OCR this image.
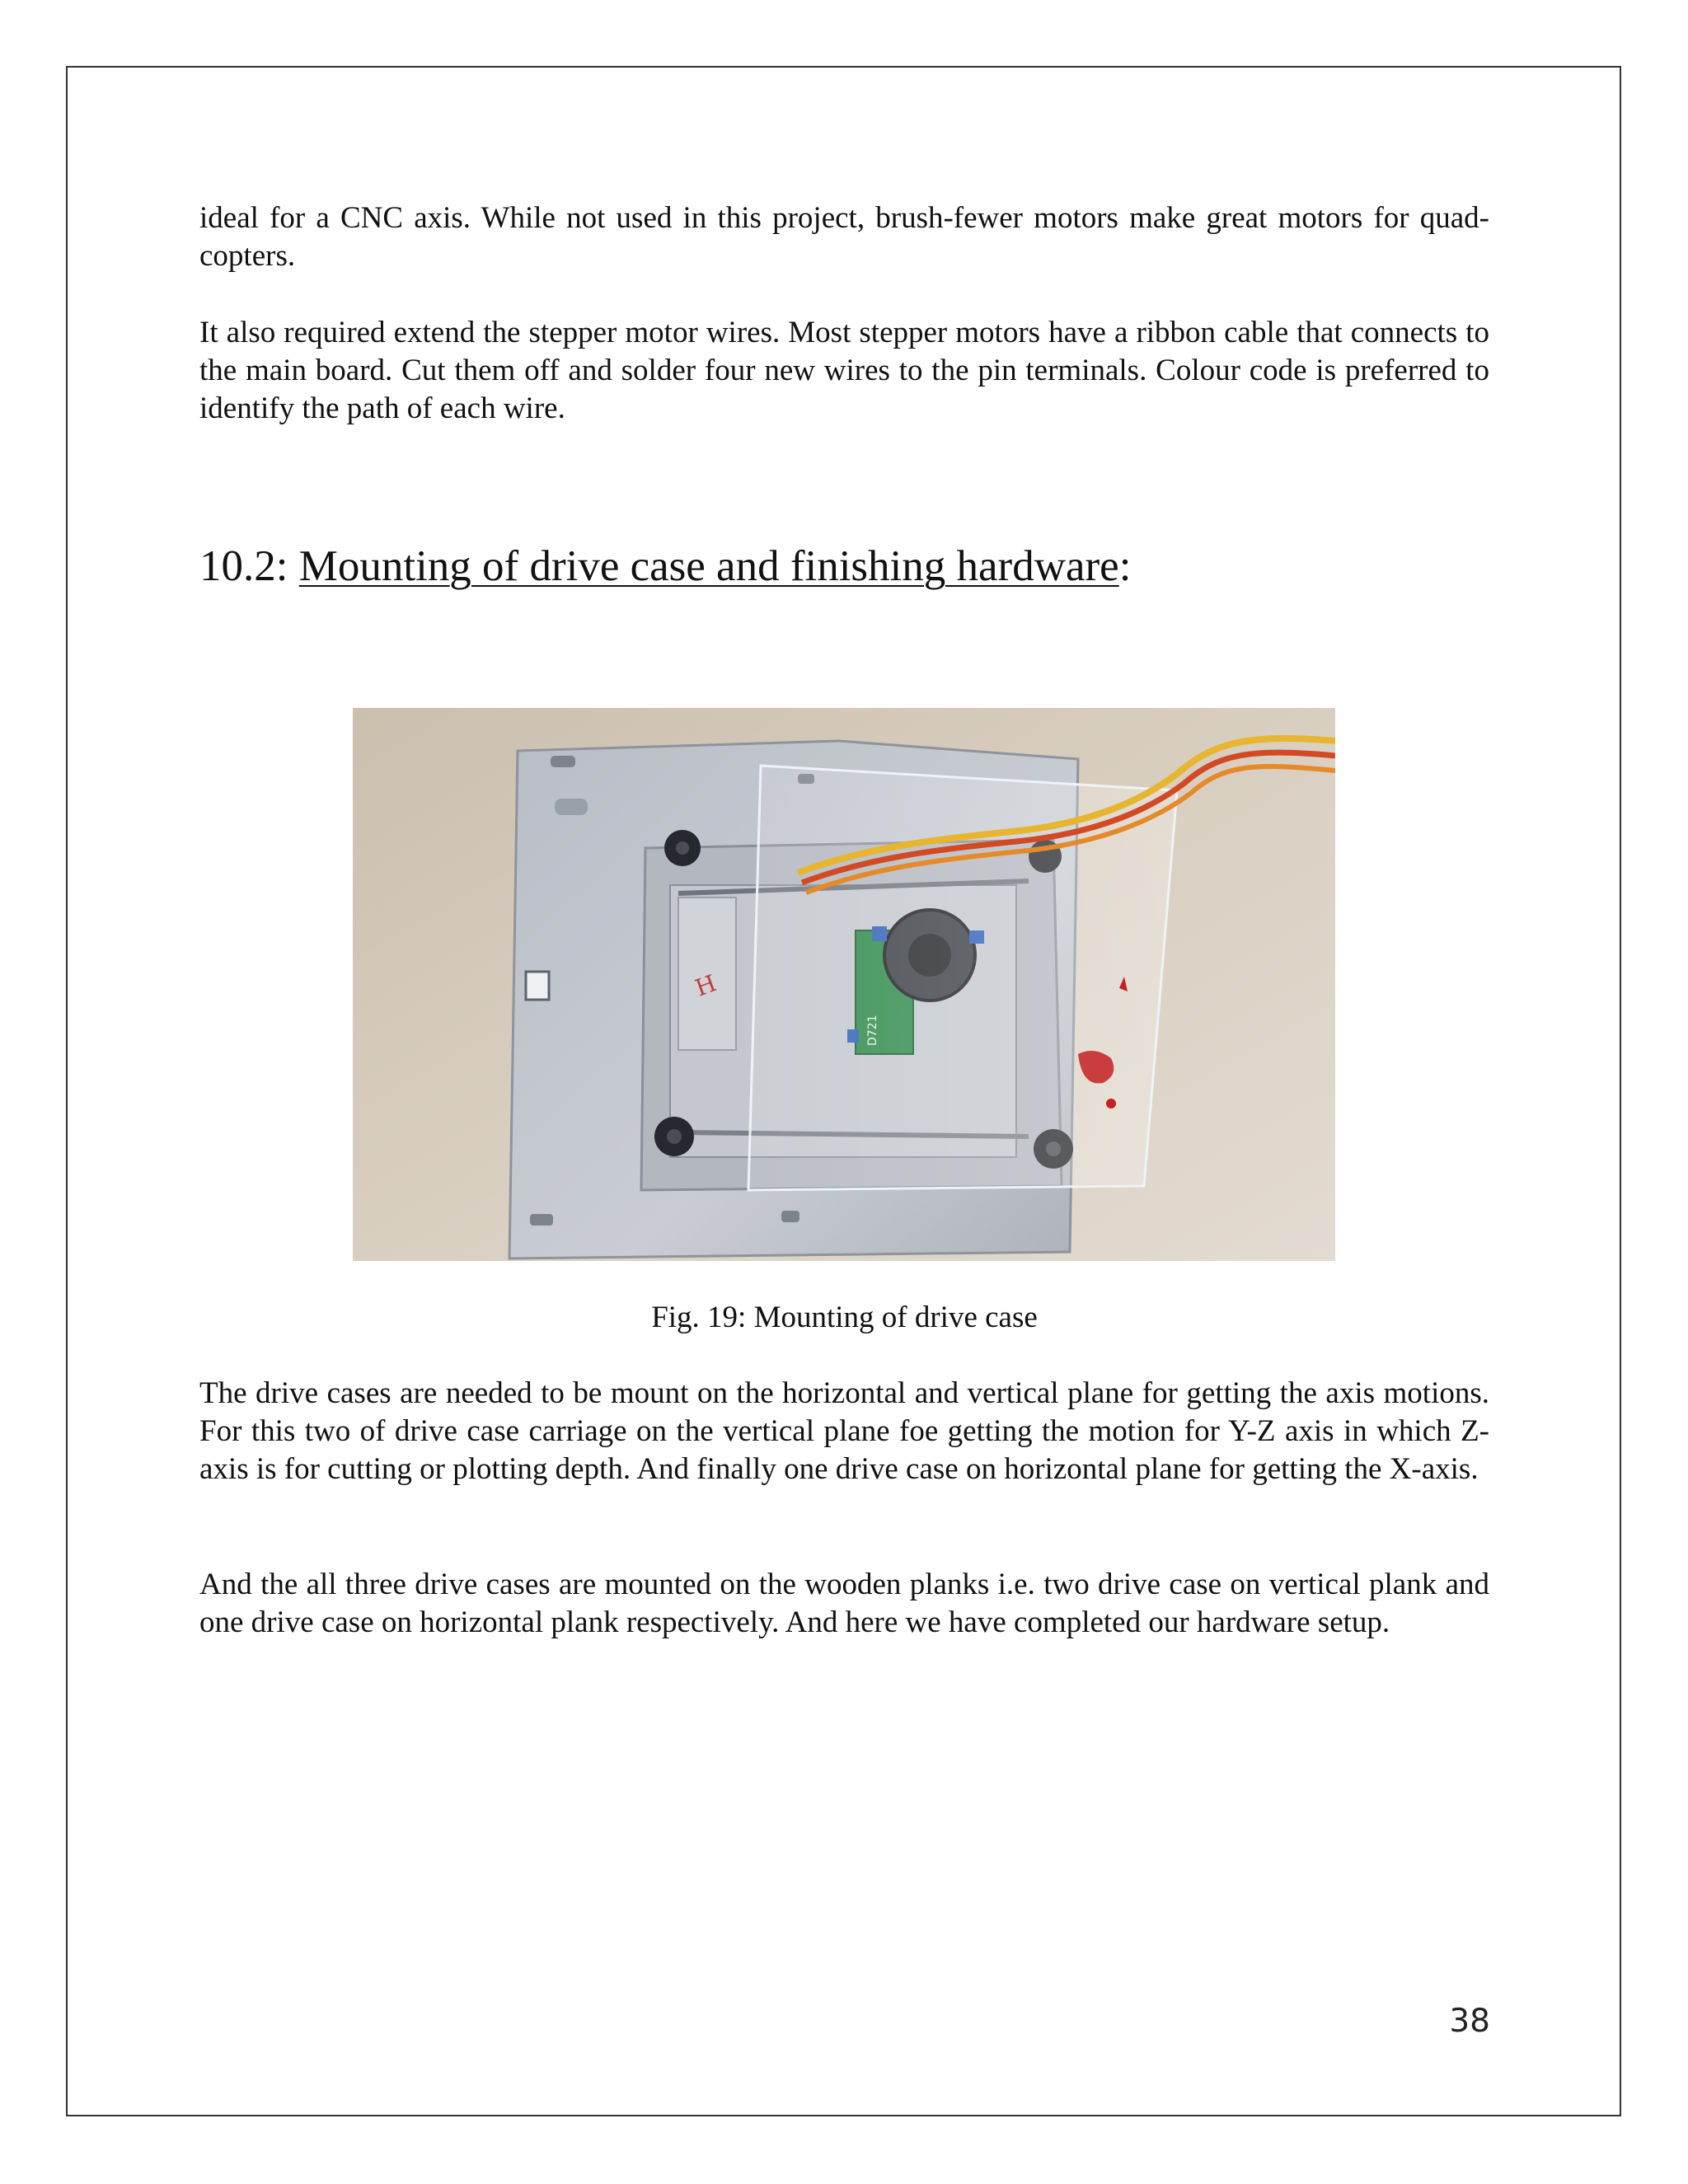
ideal for a CNC axis. While not used in this project, brush-fewer motors make great motors for quad-copters.

It also required extend the stepper motor wires. Most stepper motors have a ribbon cable that connects to the main board. Cut them off and solder four new wires to the pin terminals. Colour code is preferred to identify the path of each wire.

10.2: Mounting of drive case and finishing hardware:
H
Fig. 19: Mounting of drive case

The drive cases are needed to be mount on the horizontal and vertical plane for getting the axis motions. For this two of drive case carriage on the vertical plane foe getting the motion for Y-Z axis in which Z-axis is for cutting or plotting depth. And finally one drive case on horizontal plane for getting the X-axis.

And the all three drive cases are mounted on the wooden planks i.e. two drive case on vertical plank and one drive case on horizontal plank respectively. And here we have completed our hardware setup.

38
